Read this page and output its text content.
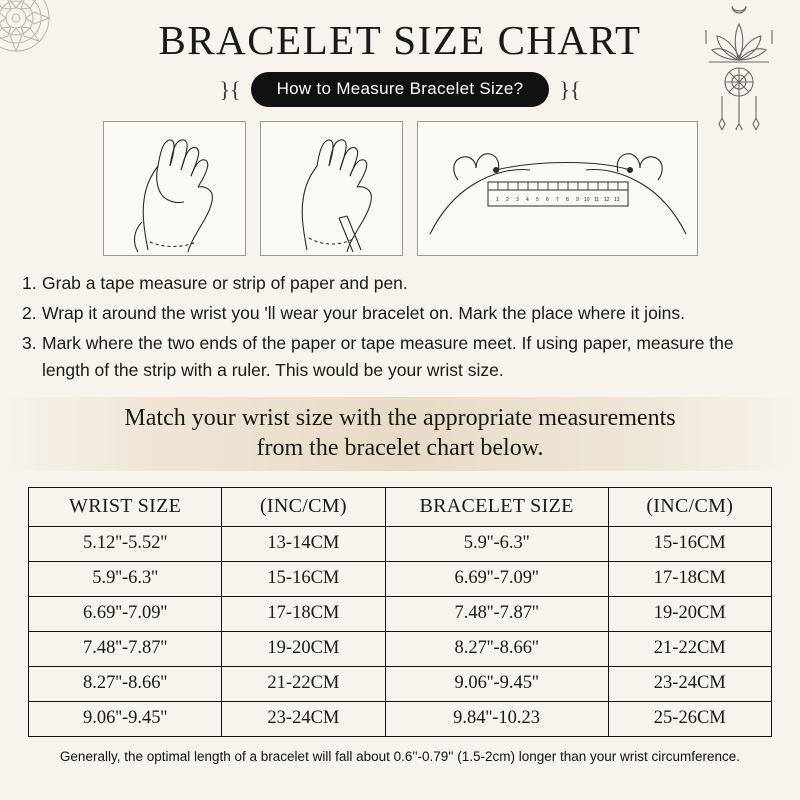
BRACELET SIZE CHART
}{	How to Measure Bracelet Size?	}{
1 2 3 4 5 6 7 8 9 10 11 12 13
1. Grab a tape measure or strip of paper and pen.
2. Wrap it around the wrist you 'll wear your bracelet on. Mark the place where it joins.
3. Mark where the two ends of the paper or tape measure meet. If using paper, measure the length of the strip with a ruler. This would be your wrist size.
Match your wrist size with the appropriate measurements
from the bracelet chart below.
WRIST SIZE	(INC/CM)	BRACELET SIZE	(INC/CM)
5.12''-5.52''	13-14CM	5.9''-6.3''	15-16CM
5.9''-6.3''	15-16CM	6.69''-7.09''	17-18CM
6.69''-7.09''	17-18CM	7.48''-7.87''	19-20CM
7.48''-7.87''	19-20CM	8.27''-8.66''	21-22CM
8.27''-8.66''	21-22CM	9.06''-9.45''	23-24CM
9.06''-9.45''	23-24CM	9.84''-10.23	25-26CM
Generally, the optimal length of a bracelet will fall about 0.6''-0.79'' (1.5-2cm) longer than your wrist circumference.
